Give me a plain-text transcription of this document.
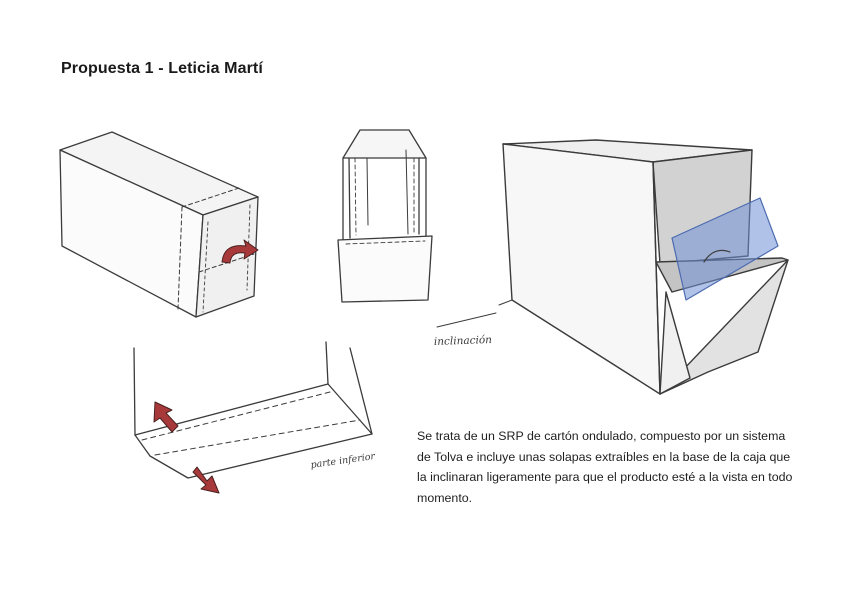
Propuesta 1 - Leticia Martí
parte inferior
inclinación

Se trata de un SRP de cartón ondulado, compuesto por un sistema de Tolva e incluye unas solapas extraíbles en la base de la caja que la inclinaran ligeramente para que el producto esté a la vista en todo momento.
